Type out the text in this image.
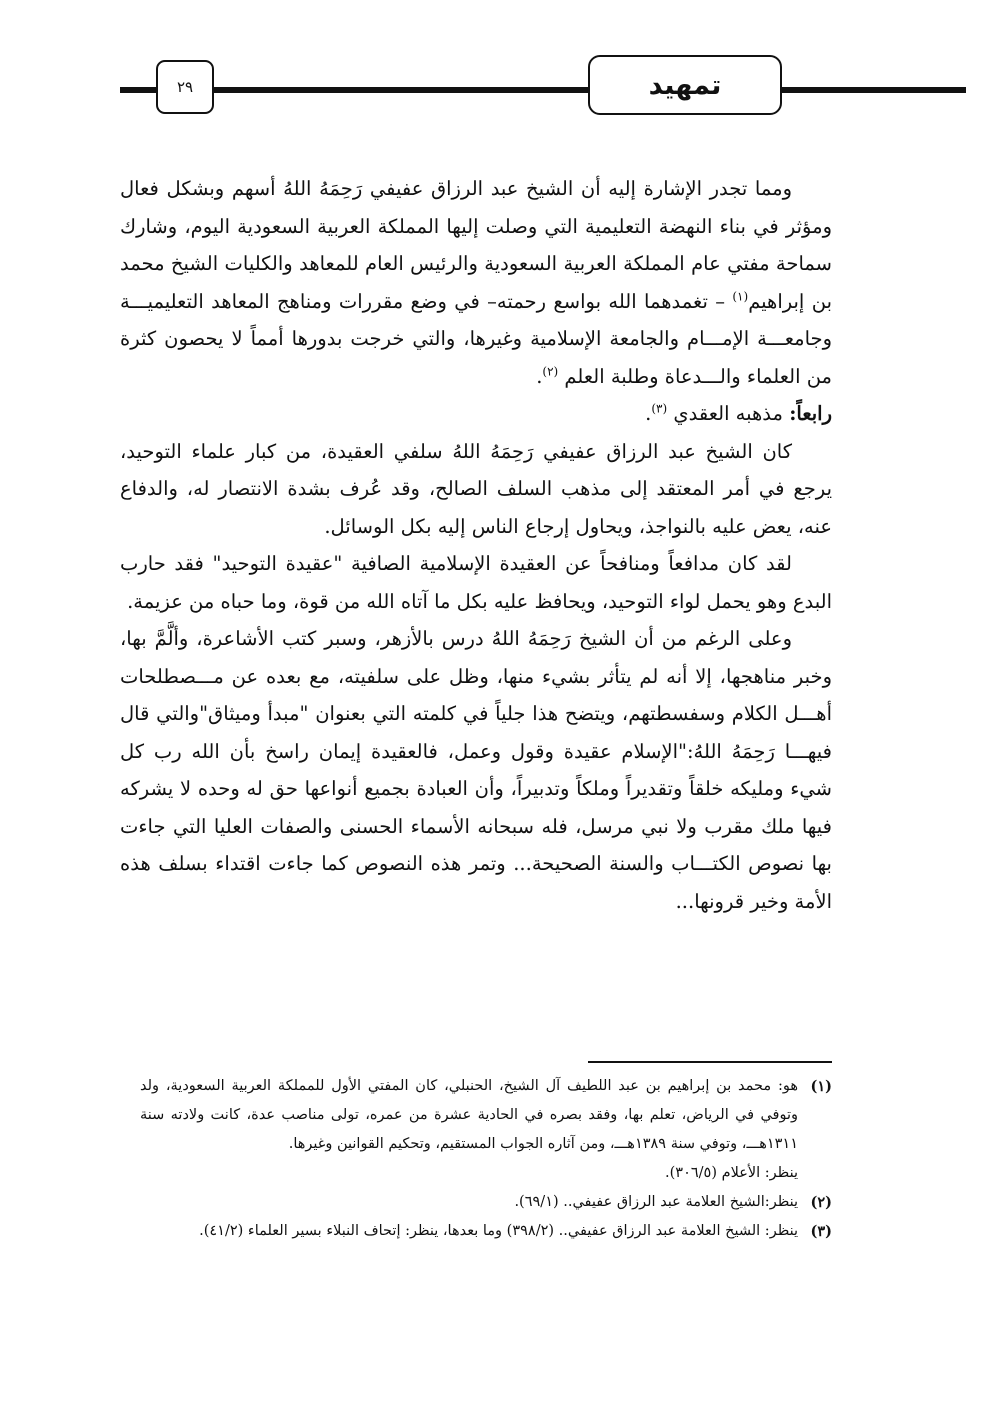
٢٩	تمهيد

ومما تجدر الإشارة إليه أن الشيخ عبد الرزاق عفيفي رَحِمَهُ اللهُ أسهم وبشكل فعال ومؤثر في بناء النهضة التعليمية التي وصلت إليها المملكة العربية السعودية اليوم، وشارك سماحة مفتي عام المملكة العربية السعودية والرئيس العام للمعاهد والكليات الشيخ محمد بن إبراهيم$^{(١)}$ – تغمدهما الله بواسع رحمته– في وضع مقررات ومناهج المعاهد التعليميـــة وجامعـــة الإمـــام والجامعة الإسلامية وغيرها، والتي خرجت بدورها أمماً لا يحصون كثرة من العلماء والـــدعاة وطلبة العلم $^{(٢)}$.

رابعاً: مذهبه العقدي $^{(٣)}$.

كان الشيخ عبد الرزاق عفيفي رَحِمَهُ اللهُ سلفي العقيدة، من كبار علماء التوحيد، يرجع في أمر المعتقد إلى مذهب السلف الصالح، وقد عُرف بشدة الانتصار له، والدفاع عنه، يعض عليه بالنواجذ، ويحاول إرجاع الناس إليه بكل الوسائل.

لقد كان مدافعاً ومنافحاً عن العقيدة الإسلامية الصافية "عقيدة التوحيد" فقد حارب البدع وهو يحمل لواء التوحيد، ويحافظ عليه بكل ما آتاه الله من قوة، وما حباه من عزيمة.

وعلى الرغم من أن الشيخ رَحِمَهُ اللهُ درس بالأزهر، وسبر كتب الأشاعرة، وألَّمَّ بها، وخبر مناهجها، إلا أنه لم يتأثر بشيء منها، وظل على سلفيته، مع بعده عن مـــصطلحات أهـــل الكلام وسفسطتهم، ويتضح هذا جلياً في كلمته التي بعنوان "مبدأ وميثاق"والتي قال فيهـــا رَحِمَهُ اللهُ:"الإسلام عقيدة وقول وعمل، فالعقيدة إيمان راسخ بأن الله رب كل شيء ومليكه خلقاً وتقديراً وملكاً وتدبيراً، وأن العبادة بجميع أنواعها حق له وحده لا يشركه فيها ملك مقرب ولا نبي مرسل، فله سبحانه الأسماء الحسنى والصفات العليا التي جاءت بها نصوص الكتـــاب والسنة الصحيحة... وتمر هذه النصوص كما جاءت اقتداء بسلف هذه الأمة وخير قرونها...

(١)
هو: محمد بن إبراهيم بن عبد اللطيف آل الشيخ، الحنبلي، كان المفتي الأول للمملكة العربية السعودية، ولد وتوفي في الرياض، تعلم بها، وفقد بصره في الحادية عشرة من عمره، تولى مناصب عدة، كانت ولادته سنة ١٣١١هـــ، وتوفي سنة ١٣٨٩هـــ، ومن آثاره الجواب المستقيم، وتحكيم القوانين وغيرها.
ينظر: الأعلام (٣٠٦/٥).
(٢)
ينظر:الشيخ العلامة عبد الرزاق عفيفي.. (٦٩/١).
(٣)
ينظر: الشيخ العلامة عبد الرزاق عفيفي.. (٣٩٨/٢) وما بعدها، ينظر: إتحاف النبلاء بسير العلماء (٤١/٢).
